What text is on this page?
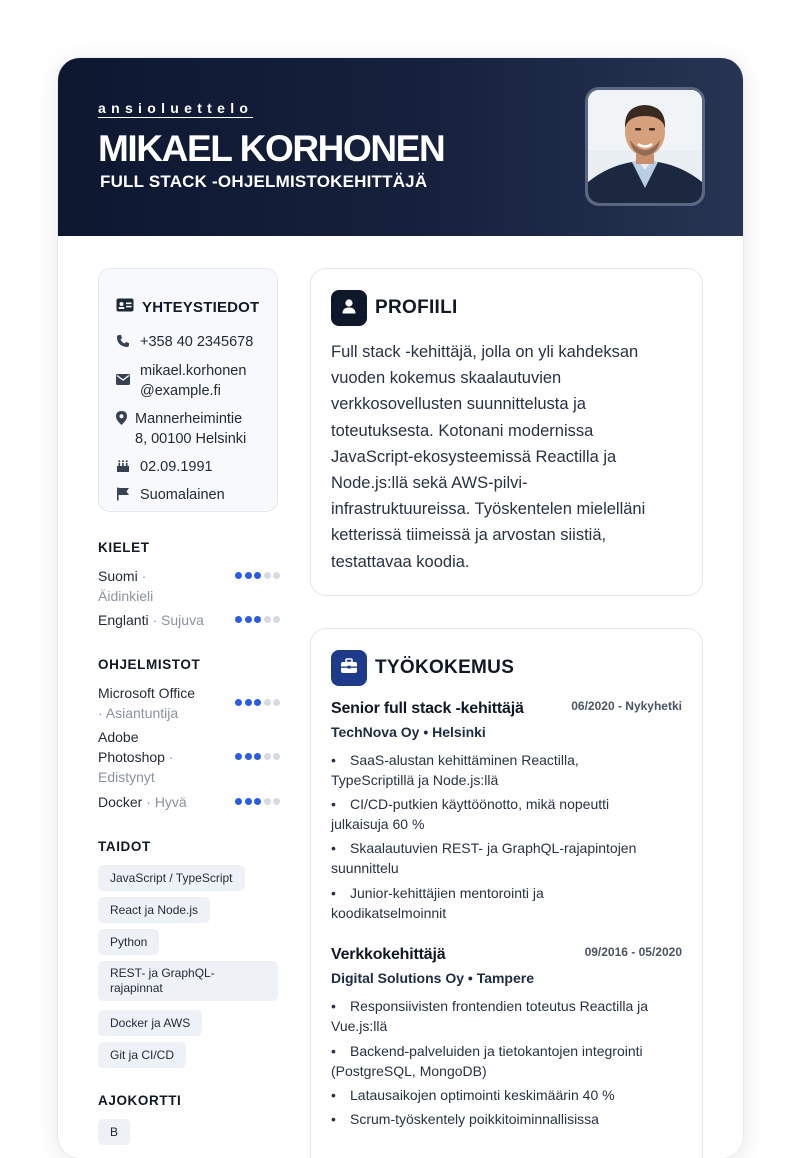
ansioluettelo
MIKAEL KORHONEN
FULL STACK -OHJELMISTOKEHITTÄJÄ
YHTEYSTIEDOT
+358 40 2345678
mikael.korhonen
@example.fi
Mannerheimintie
8, 00100 Helsinki
02.09.1991
Suomalainen
KIELET
Suomi ·
Äidinkieli
Englanti · Sujuva
OHJELMISTOT
Microsoft Office
· Asiantuntija
Adobe
Photoshop ·
Edistynyt
Docker · Hyvä
TAIDOT
JavaScript / TypeScript
React ja Node.js
Python
REST- ja GraphQL-
rajapinnat
Docker ja AWS
Git ja CI/CD
AJOKORTTI
B
PROFIILI
Full stack -kehittäjä, jolla on yli kahdeksan
vuoden kokemus skaalautuvien
verkkosovellusten suunnittelusta ja
toteutuksesta. Kotonani modernissa
JavaScript-ekosysteemissä Reactilla ja
Node.js:llä sekä AWS-pilvi-
infrastruktuureissa. Työskentelen mielelläni
ketterissä tiimeissä ja arvostan siistiä,
testattavaa koodia.
TYÖKOKEMUS
Senior full stack -kehittäjä	06/2020 - Nykyhetki
TechNova Oy • Helsinki
• SaaS-alustan kehittäminen Reactilla,
TypeScriptillä ja Node.js:llä
• CI/CD-putkien käyttöönotto, mikä nopeutti
julkaisuja 60 %
• Skaalautuvien REST- ja GraphQL-rajapintojen
suunnittelu
• Junior-kehittäjien mentorointi ja
koodikatselmoinnit
Verkkokehittäjä	09/2016 - 05/2020
Digital Solutions Oy • Tampere
• Responsiivisten frontendien toteutus Reactilla ja
Vue.js:llä
• Backend-palveluiden ja tietokantojen integrointi
(PostgreSQL, MongoDB)
• Latausaikojen optimointi keskimäärin 40 %
• Scrum-työskentely poikkitoiminnallisissa
